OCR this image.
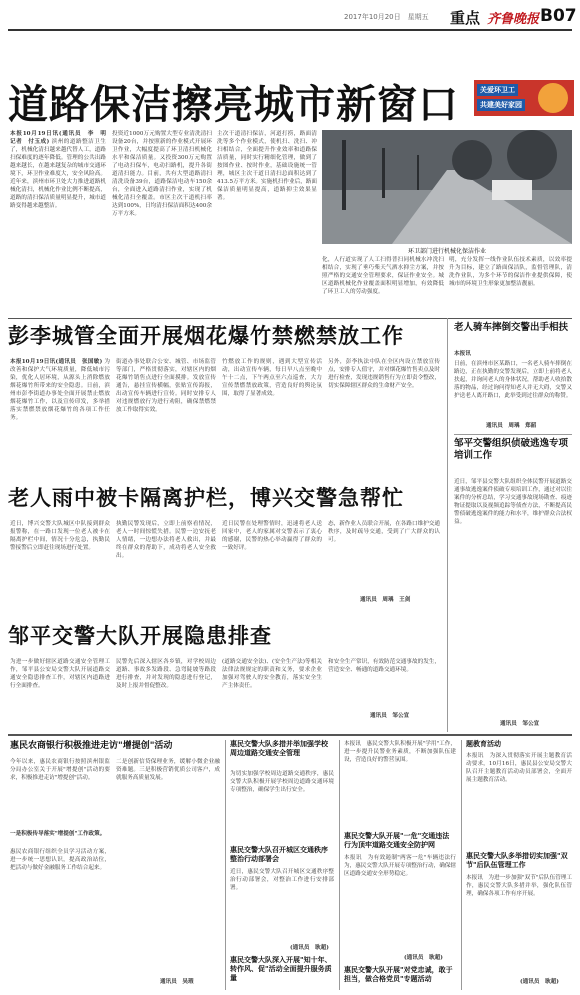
2017年10月20日　星期五 重点 齐鲁晚报 B07
道路保洁擦亮城市新窗口	关爱环卫工
共建美好家园
本报10月19日讯(通讯员　李　明　记者　付玉成) 滨州的道路整洁卫生了，机械化清扫越来越代替人工，道路扫保难度的逐年降低。管理的公共出路越来越长，在越来越复杂的城市交通环境下，环卫作业难度大，安全风险高。近年来，滨州市环卫处大力推进道路机械化清扫，机械化作业比例不断提高，道路的清扫保洁质量明显提升，城市道路变得越来越整洁。
投资近1000万元购置大型专业清洗清扫设备20台，并按照新的作业模式开展环卫作业，大幅度提高了环卫清扫机械化水平和保洁质量。又投资300万元购置了电动扫保车，电动扫路机，提升各街道清扫能力。目前，共有大型道路清扫清洗设备39台，道路保洁电动车150余台，全面进入道路清扫作业，实现了机械化清扫全覆盖。市区主次干道机扫率达到100%，日均清扫保洁面积达400余万平方米。
主次干道清扫保洁，河道打捞，路面清洗等多个作业模式，使机扫、洗扫、冲扫相结合，全面提升作业效率和道路保洁质量，同时实行精细化管理，做到了按图作业、按时作业，基础设施统一管理，城区主次干道日清扫总面积达到了413.5万平方米。实施机扫作业后，路面保洁质量明显提高，道路抑尘效果显著。
环卫部门进行机械化保洁作业
化，人行道实现了人工扫得普扫同机械水冲洗扫相结合，实现了垂巧柴天气洒水抑尘方案，并按照严格的交通安全管理要求，保证作业安全。城区道路机械化作业覆盖面积明显增加，有效降低了环卫工人的劳动强度。
明，充分发挥一线作业队伍技术素质，以效率提升为目标，建立了路面保洁队，监督管理队，清洗作业队，为多个环节的保洁作业提供保障，使城市的环境卫生形象更加整洁靓丽。
彭李城管全面开展烟花爆竹禁燃禁放工作
本报10月19日讯(通讯员　张国敏) 为改善和保护大气环境质量，降低城市污染，优化人居环境，从源头上消除燃放烟花爆竹所带来的安全隐患。日前，滨州市彭李街道办事处全面开展禁止燃放烟花爆竹工作，以及宣传印发，多举措落实禁燃禁放烟花爆竹的各项工作任务。
街道办事处联合公安、城管、市场监管等部门，严格贯彻落实，对辖区内的烟花爆竹销售点进行全面摸排。发放宣传通告，悬挂宣传横幅，张贴宣传海报，出动宣传车辆进行宣传。同时安排专人对违规燃放行为进行劝阻，确保禁燃禁放工作取得实效。
竹燃放工作的规则，遇到大型宣传活动，出动宣传车辆，每日早八点至晚中午十二点，下午两点至六点巡查，大力宣传禁燃禁放政策，营造良好的舆论氛围，取得了显著成效。
另外，彭李执法中队在全区内设立禁放宣传点，安排专人值守，并对烟花爆竹售卖点及时进行检查，发现违规销售行为立即责令整改，切实保障辖区群众的生命财产安全。
老人雨中被卡隔离护栏，博兴交警急帮忙
近日，博兴交警大队城区中队接到群众报警称，在一路口发现一位老人被卡在隔离护栏中间，情况十分危急，执勤民警接警后立即赶往现场进行处置。
执勤民警发现后，立即上前察看情况，老人一时间惊慌失措。民警一边安抚老人情绪，一边想办法将老人救出，并最终在群众的帮助下，成功将老人安全救出。
近日民警在处理警情时，迅速将老人送回家中，老人的家属对交警表示了衷心的感谢，民警的热心举动赢得了群众的一致好评。
态，新作业人员联合开展，在各路口维护交通秩序，及时疏导交通，受到了广大群众的认可。
通讯员　周瑀　王剑
邹平交警大队开展隐患排查
为进一步做好辖区道路交通安全管理工作，邹平县公安局交警大队开展道路交通安全隐患排查工作，对辖区内道路进行全面排查。
民警先后深入辖区各乡镇，对学校周边道路、事故多发路段、急弯陡坡等路段进行排查，并对发现的隐患进行登记，及时上报并督促整改。
(道路交通安全法)、(安全生产法)等相关法律法规规定的职责和义务，要求企业加强对驾驶人的安全教育，落实安全生产主体责任。
和安全生产常识，有效防范交通事故的发生，营造安全、畅通的道路交通环境。
通讯员　邹公宣
老人骑车摔倒交警出手相扶
本报讯
日前，在滨州市区某路口，一名老人骑车摔倒在路边，正在执勤的交警发现后，立即上前将老人扶起，并询问老人的身体状况，帮助老人收拾散落的物品，经过询问得知老人并无大碍，交警又护送老人离开路口，此举受到过往群众的称赞。
通讯员　周瑀　郑韶
邹平交警组织侦破逃逸专项培训工作
近日，邹平县交警大队组织全体民警开展道路交通事故逃逸案件侦破专项培训工作，通过对以往案件的分析总结，学习交通事故现场勘查、痕迹物证提取以及视频追踪等侦查方法，不断提高民警侦破逃逸案件的能力和水平，维护群众合法权益。
通讯员　邹公宣
惠民农商银行积极推进走访"增提创"活动
今年以来，惠民农商银行按照滨州银监分局办公室关于开展"增提创"活动的要求，积极推进走访"增提创"活动。
一是积极传导落实"增提创"工作政策。
惠民农商银行组织全员学习活动方案，进一步统一思想认识，提高政治站位，把活动与做好金融服务工作结合起来。
二是创新信贷保理业务，缓解小微企业融资难题。三是积极营销优质公司客户，成就服务高质量发展。
通讯员　吴瑕
惠民交警大队多措并举加强学校周边道路交通安全管理
为切实加强学校周边道路交通秩序，惠民交警大队积极开展学校周边道路交通环境专项整治，确保学生出行安全。
惠民交警大队召开城区交通秩序整治行动部署会
近日，惠民交警大队召开城区交通秩序整治行动部署会，对整治工作进行安排部署。
惠民交警大队深入开展"知十年、转作风、促"活动全面提升服务质量
(通讯员　耿超)
本报讯　惠民交警大队积极开展"学用"工作，进一步提升民警业务素质，不断加强队伍建设，营造良好的警营氛围。
惠民交警大队开展"一危"交通违法行为顶牢道路交通安全防护网
本报讯　为有效遏制"两客一危"车辆违法行为，惠民交警大队开展专项整治行动，确保辖区道路交通安全形势稳定。
惠民交警大队开展"对党忠诚，敢于担当，做合格党员"专题活动
(通讯员　耿超)
题教育活动
本报讯　为深入贯彻落实开展主题教育活动要求，10月16日，惠民县公安局交警大队召开主题教育活动动员部署会，全面开展主题教育活动。
惠民交警大队多举措切实加强"双节"后队伍管理工作
本报讯　为进一步加强"双节"后队伍管理工作，惠民交警大队多措并举，强化队伍管理，确保各项工作有序开展。
(通讯员　耿超)
